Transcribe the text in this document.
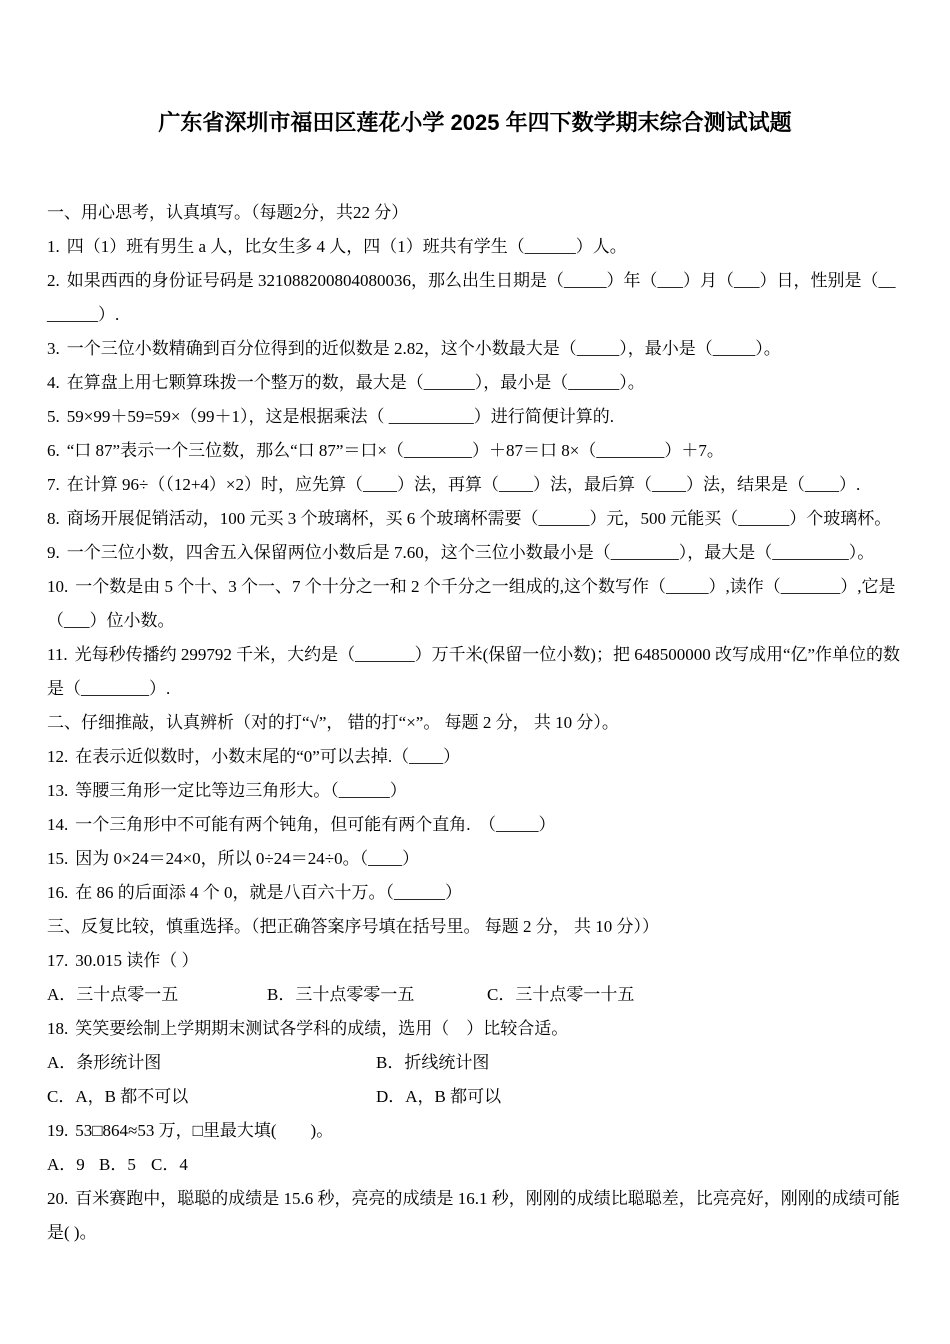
广东省深圳市福田区莲花小学 2025 年四下数学期末综合测试试题

一、用心思考，认真填写。（每题2分，共22 分）

1. 四（1）班有男生 a 人，比女生多 4 人，四（1）班共有学生（______）人。

2. 如果西西的身份证号码是 321088200804080036，那么出生日期是（_____）年（___）月（___）日，性别是（________）.

3. 一个三位小数精确到百分位得到的近似数是 2.82，这个小数最大是（_____），最小是（_____）。

4. 在算盘上用七颗算珠拨一个整万的数，最大是（______），最小是（______）。

5. 59×99＋59=59×（99＋1），这是根据乘法（ __________）进行简便计算的.

6. “口 87”表示一个三位数，那么“口 87”＝口×（________）＋87＝口 8×（________）＋7。

7. 在计算 96÷（（12+4）×2）时，应先算（____）法，再算（____）法，最后算（____）法，结果是（____）.

8. 商场开展促销活动，100 元买 3 个玻璃杯，买 6 个玻璃杯需要（______）元，500 元能买（______）个玻璃杯。

9. 一个三位小数，四舍五入保留两位小数后是 7.60，这个三位小数最小是（________），最大是（_________）。

10. 一个数是由 5 个十、3 个一、7 个十分之一和 2 个千分之一组成的,这个数写作（_____）,读作（_______）,它是（___）位小数。

11. 光每秒传播约 299792 千米，大约是（_______）万千米(保留一位小数)；把 648500000 改写成用“亿”作单位的数是（________）.

二、仔细推敲，认真辨析（对的打“√”， 错的打“×”。 每题 2 分， 共 10 分）。

12. 在表示近似数时，小数末尾的“0”可以去掉.（____）

13. 等腰三角形一定比等边三角形大。（______）

14. 一个三角形中不可能有两个钝角，但可能有两个直角.　（_____）

15. 因为 0×24＝24×0，所以 0÷24＝24÷0。（____）

16. 在 86 的后面添 4 个 0，就是八百六十万。（______）

三、反复比较，慎重选择。（把正确答案序号填在括号里。 每题 2 分， 共 10 分））

17. 30.015 读作（ ）

A．三十点零一五	B．三十点零零一五	C．三十点零一十五

18. 笑笑要绘制上学期期末测试各学科的成绩，选用（　）比较合适。

A．条形统计图	B．折线统计图

C．A，B 都不可以	D．A，B 都可以

19. 53□864≈53 万，□里最大填(　　)。

A．9 B．5 C．4

20. 百米赛跑中，聪聪的成绩是 15.6 秒，亮亮的成绩是 16.1 秒，刚刚的成绩比聪聪差，比亮亮好，刚刚的成绩可能是( )。
